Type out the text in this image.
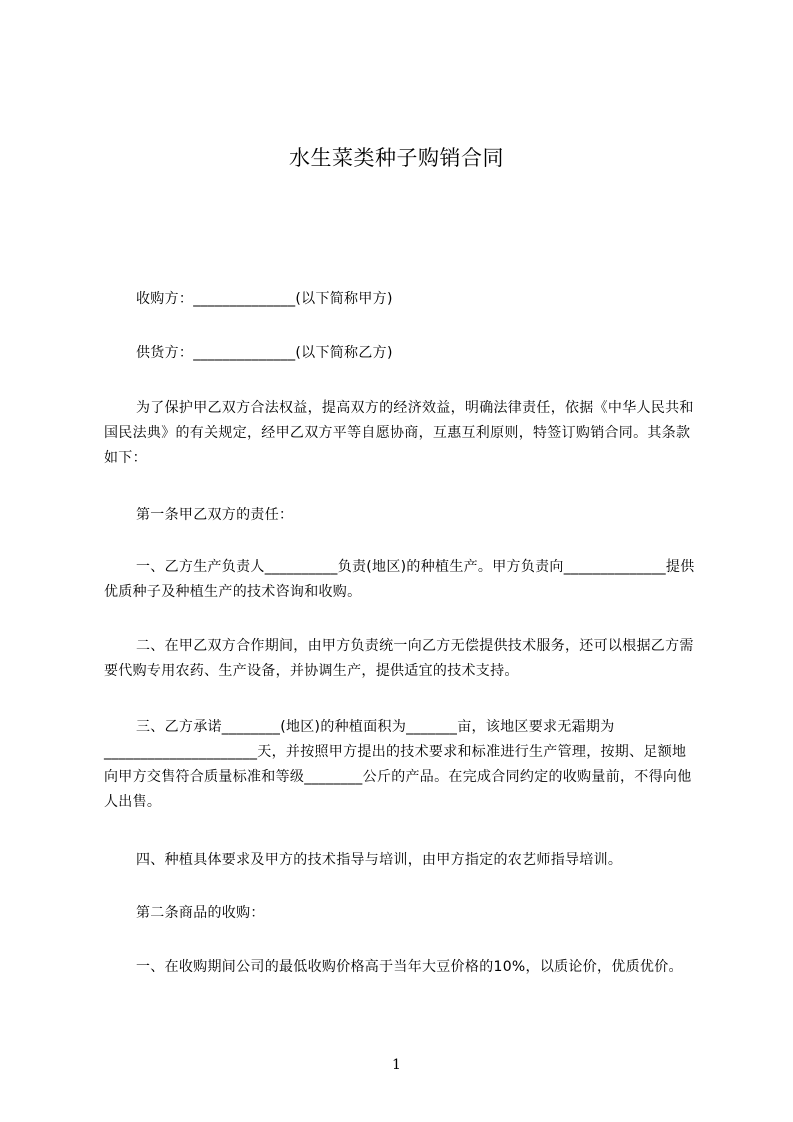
水生菜类种子购销合同
收购方：______________(以下简称甲方)
供货方：______________(以下简称乙方)
为了保护甲乙双方合法权益，提高双方的经济效益，明确法律责任，依据《中华人民共和国民法典》的有关规定，经甲乙双方平等自愿协商，互惠互利原则，特签订购销合同。其条款如下：
第一条甲乙双方的责任：
一、乙方生产负责人__________负责(地区)的种植生产。甲方负责向______________提供优质种子及种植生产的技术咨询和收购。
二、在甲乙双方合作期间，由甲方负责统一向乙方无偿提供技术服务，还可以根据乙方需要代购专用农药、生产设备，并协调生产，提供适宜的技术支持。
三、乙方承诺________(地区)的种植面积为_______亩，该地区要求无霜期为_____________________天，并按照甲方提出的技术要求和标准进行生产管理，按期、足额地向甲方交售符合质量标准和等级________公斤的产品。在完成合同约定的收购量前，不得向他人出售。
四、种植具体要求及甲方的技术指导与培训，由甲方指定的农艺师指导培训。
第二条商品的收购：
一、在收购期间公司的最低收购价格高于当年大豆价格的10%，以质论价，优质优价。
1
